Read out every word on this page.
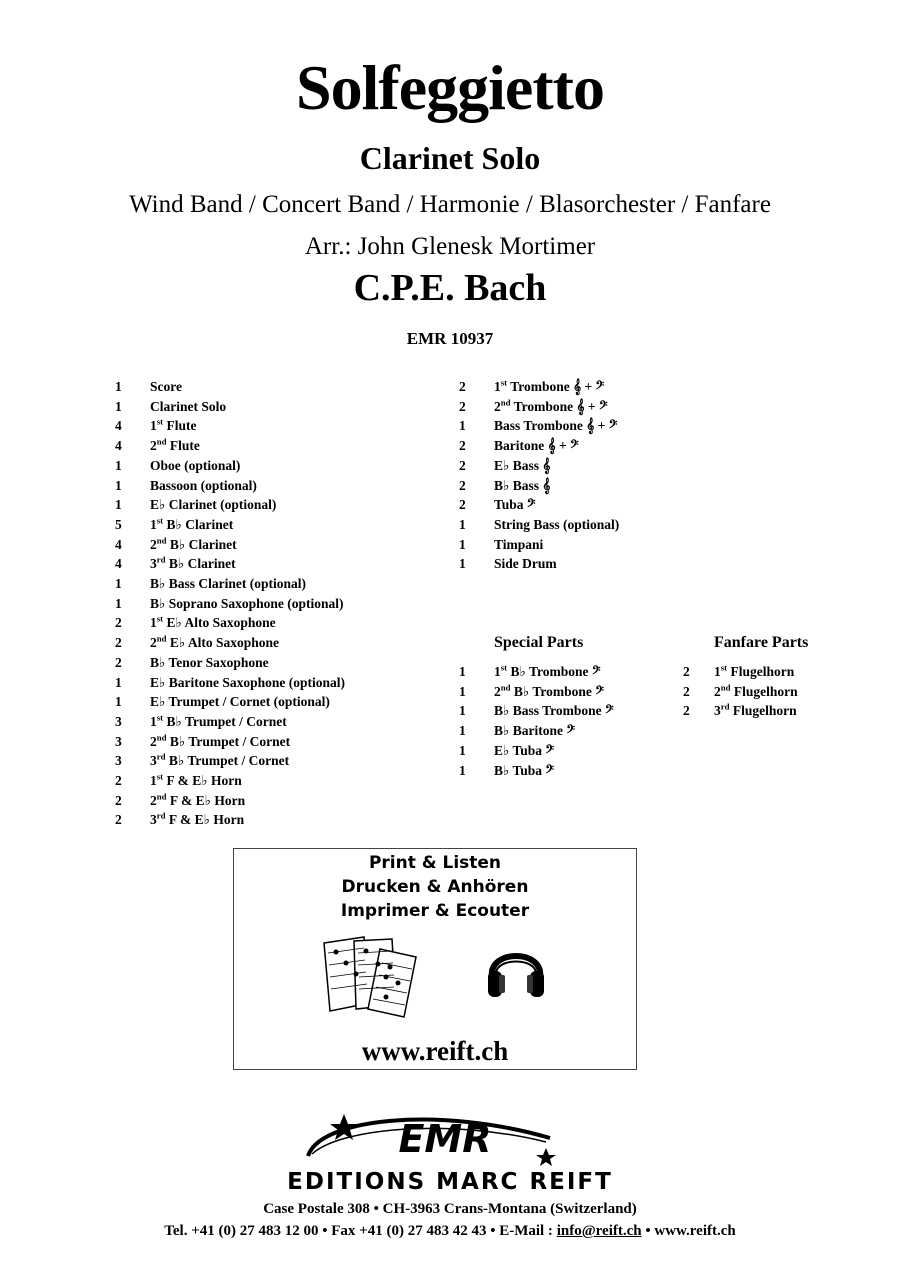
Solfeggietto
Clarinet Solo
Wind Band / Concert Band / Harmonie / Blasorchester / Fanfare
Arr.: John Glenesk Mortimer
C.P.E. Bach
EMR 10937
1	Score
1	Clarinet Solo
4	1st Flute
4	2nd Flute
1	Oboe (optional)
1	Bassoon (optional)
1	E♭ Clarinet (optional)
5	1st B♭ Clarinet
4	2nd B♭ Clarinet
4	3rd B♭ Clarinet
1	B♭ Bass Clarinet (optional)
1	B♭ Soprano Saxophone (optional)
2	1st E♭ Alto Saxophone
2	2nd E♭ Alto Saxophone
2	B♭ Tenor Saxophone
1	E♭ Baritone Saxophone (optional)
1	E♭ Trumpet / Cornet (optional)
3	1st B♭ Trumpet / Cornet
3	2nd B♭ Trumpet / Cornet
3	3rd B♭ Trumpet / Cornet
2	1st F & E♭ Horn
2	2nd F & E♭ Horn
2	3rd F & E♭ Horn
2	1st Trombone 𝄞 + 𝄢
2	2nd Trombone 𝄞 + 𝄢
1	Bass Trombone 𝄞 + 𝄢
2	Baritone 𝄞 + 𝄢
2	E♭ Bass 𝄞
2	B♭ Bass 𝄞
2	Tuba 𝄢
1	String Bass (optional)
1	Timpani
1	Side Drum
Special Parts
1	1st B♭ Trombone 𝄢
1	2nd B♭ Trombone 𝄢
1	B♭ Bass Trombone 𝄢
1	B♭ Baritone 𝄢
1	E♭ Tuba 𝄢
1	B♭ Tuba 𝄢
Fanfare Parts
2	1st Flugelhorn
2	2nd Flugelhorn
2	3rd Flugelhorn
Print & Listen
Drucken & Anhören
Imprimer & Ecouter
www.reift.ch
EMR
EDITIONS MARC REIFT
Case Postale 308 • CH-3963 Crans-Montana (Switzerland)
Tel. +41 (0) 27 483 12 00 • Fax +41 (0) 27 483 42 43 • E-Mail : info@reift.ch • www.reift.ch
